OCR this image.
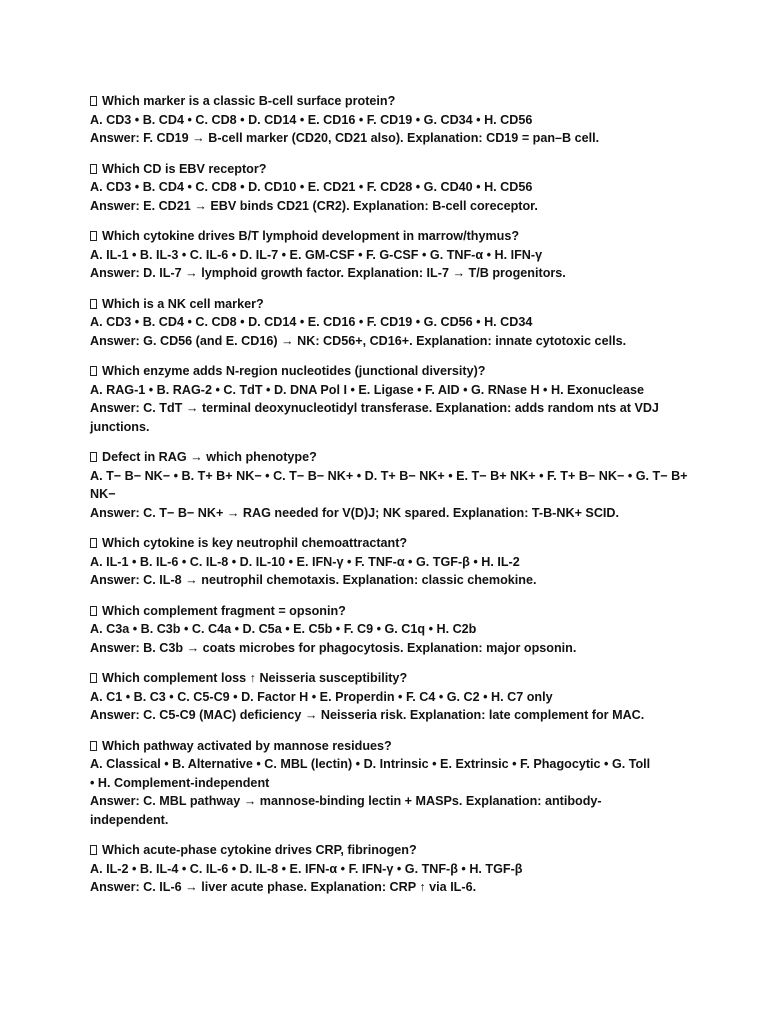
Which marker is a classic B-cell surface protein?
A. CD3 • B. CD4 • C. CD8 • D. CD14 • E. CD16 • F. CD19 • G. CD34 • H. CD56
Answer: F. CD19 → B-cell marker (CD20, CD21 also). Explanation: CD19 = pan–B cell.
Which CD is EBV receptor?
A. CD3 • B. CD4 • C. CD8 • D. CD10 • E. CD21 • F. CD28 • G. CD40 • H. CD56
Answer: E. CD21 → EBV binds CD21 (CR2). Explanation: B-cell coreceptor.
Which cytokine drives B/T lymphoid development in marrow/thymus?
A. IL-1 • B. IL-3 • C. IL-6 • D. IL-7 • E. GM-CSF • F. G-CSF • G. TNF-α • H. IFN-γ
Answer: D. IL-7 → lymphoid growth factor. Explanation: IL-7 → T/B progenitors.
Which is a NK cell marker?
A. CD3 • B. CD4 • C. CD8 • D. CD14 • E. CD16 • F. CD19 • G. CD56 • H. CD34
Answer: G. CD56 (and E. CD16) → NK: CD56+, CD16+. Explanation: innate cytotoxic cells.
Which enzyme adds N-region nucleotides (junctional diversity)?
A. RAG-1 • B. RAG-2 • C. TdT • D. DNA Pol I • E. Ligase • F. AID • G. RNase H • H. Exonuclease
Answer: C. TdT → terminal deoxynucleotidyl transferase. Explanation: adds random nts at VDJ
junctions.
Defect in RAG → which phenotype?
A. T− B− NK− • B. T+ B+ NK− • C. T− B− NK+ • D. T+ B− NK+ • E. T− B+ NK+ • F. T+ B− NK− • G. T− B+
NK−
Answer: C. T− B− NK+ → RAG needed for V(D)J; NK spared. Explanation: T-B-NK+ SCID.
Which cytokine is key neutrophil chemoattractant?
A. IL-1 • B. IL-6 • C. IL-8 • D. IL-10 • E. IFN-γ • F. TNF-α • G. TGF-β • H. IL-2
Answer: C. IL-8 → neutrophil chemotaxis. Explanation: classic chemokine.
Which complement fragment = opsonin?
A. C3a • B. C3b • C. C4a • D. C5a • E. C5b • F. C9 • G. C1q • H. C2b
Answer: B. C3b → coats microbes for phagocytosis. Explanation: major opsonin.
Which complement loss ↑ Neisseria susceptibility?
A. C1 • B. C3 • C. C5-C9 • D. Factor H • E. Properdin • F. C4 • G. C2 • H. C7 only
Answer: C. C5-C9 (MAC) deficiency → Neisseria risk. Explanation: late complement for MAC.
Which pathway activated by mannose residues?
A. Classical • B. Alternative • C. MBL (lectin) • D. Intrinsic • E. Extrinsic • F. Phagocytic • G. Toll
• H. Complement-independent
Answer: C. MBL pathway → mannose-binding lectin + MASPs. Explanation: antibody-
independent.
Which acute-phase cytokine drives CRP, fibrinogen?
A. IL-2 • B. IL-4 • C. IL-6 • D. IL-8 • E. IFN-α • F. IFN-γ • G. TNF-β • H. TGF-β
Answer: C. IL-6 → liver acute phase. Explanation: CRP ↑ via IL-6.
